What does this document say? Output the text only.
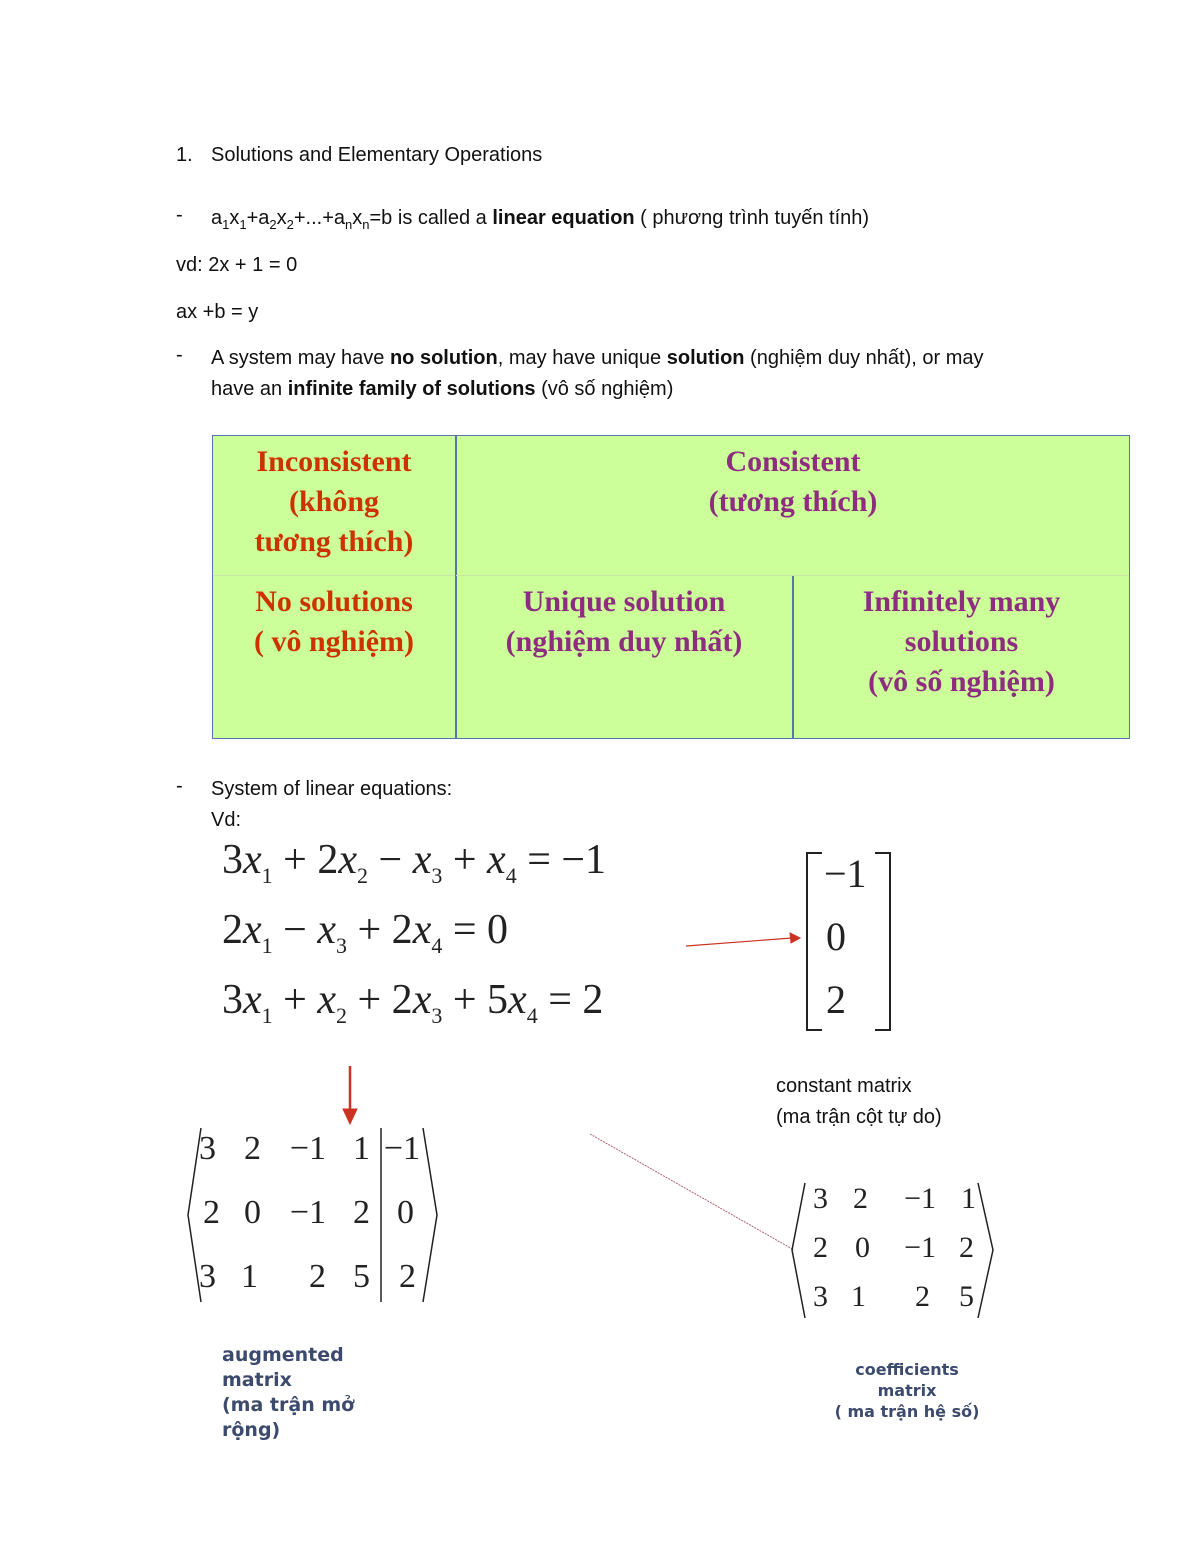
1. Solutions and Elementary Operations
- $a_1x_1+a_2x_2+...+a_nx_n=b$ is called a linear equation ( phương trình tuyến tính)
vd: 2x + 1 = 0
ax +b = y
- A system may have no solution, may have unique solution (nghiệm duy nhất), or may
have an infinite family of solutions (vô số nghiệm)
Inconsistent
(không
tương thích)
Consistent
(tương thích)
No solutions
( vô nghiệm)
Unique solution
(nghiệm duy nhất)
Infinitely many
solutions
(vô số nghiệm)
- System of linear equations:
Vd:
$3x_1 + 2x_2 - x_3 + x_4 = -1$
$2x_1 - x_3 + 2x_4 = 0$
$3x_1 + x_2 + 2x_3 + 5x_4 = 2$
−1
0
2
constant matrix
(ma trận cột tự do)
3 2 −1 1 −1
2 0 −1 2 0
3 1 2 5 2
augmented
matrix
(ma trận mở
rộng)
3 2 −1 1
2 0 −1 2
3 1 2 5
coefficients matrix
( ma trận hệ số)
